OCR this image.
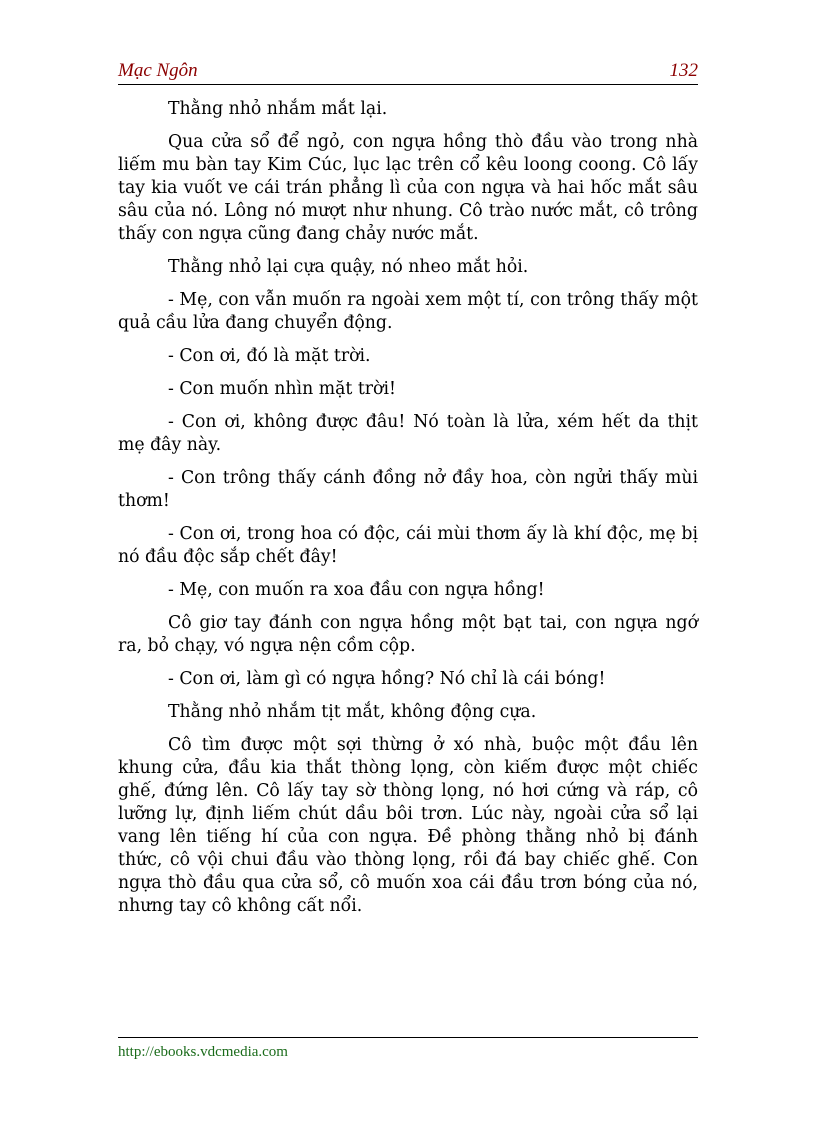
Mạc Ngôn	132

Thằng nhỏ nhắm mắt lại.

Qua cửa sổ để ngỏ, con ngựa hồng thò đầu vào trong nhà liếm mu bàn tay Kim Cúc, lục lạc trên cổ kêu loong coong. Cô lấy tay kia vuốt ve cái trán phẳng lì của con ngựa và hai hốc mắt sâu sâu của nó. Lông nó mượt như nhung. Cô trào nước mắt, cô trông thấy con ngựa cũng đang chảy nước mắt.

Thằng nhỏ lại cựa quậy, nó nheo mắt hỏi.

- Mẹ, con vẫn muốn ra ngoài xem một tí, con trông thấy một quả cầu lửa đang chuyển động.

- Con ơi, đó là mặt trời.

- Con muốn nhìn mặt trời!

- Con ơi, không được đâu! Nó toàn là lửa, xém hết da thịt mẹ đây này.

- Con trông thấy cánh đồng nở đầy hoa, còn ngửi thấy mùi thơm!

- Con ơi, trong hoa có độc, cái mùi thơm ấy là khí độc, mẹ bị nó đầu độc sắp chết đây!

- Mẹ, con muốn ra xoa đầu con ngựa hồng!

Cô giơ tay đánh con ngựa hồng một bạt tai, con ngựa ngớ ra, bỏ chạy, vó ngựa nện cồm cộp.

- Con ơi, làm gì có ngựa hồng? Nó chỉ là cái bóng!

Thằng nhỏ nhắm tịt mắt, không động cựa.

Cô tìm được một sợi thừng ở xó nhà, buộc một đầu lên khung cửa, đầu kia thắt thòng lọng, còn kiếm được một chiếc ghế, đứng lên. Cô lấy tay sờ thòng lọng, nó hơi cứng và ráp, cô lưỡng lự, định liếm chút dầu bôi trơn. Lúc này, ngoài cửa sổ lại vang lên tiếng hí của con ngựa. Đề phòng thằng nhỏ bị đánh thức, cô vội chui đầu vào thòng lọng, rồi đá bay chiếc ghế. Con ngựa thò đầu qua cửa sổ, cô muốn xoa cái đầu trơn bóng của nó, nhưng tay cô không cất nổi.

http://ebooks.vdcmedia.com
